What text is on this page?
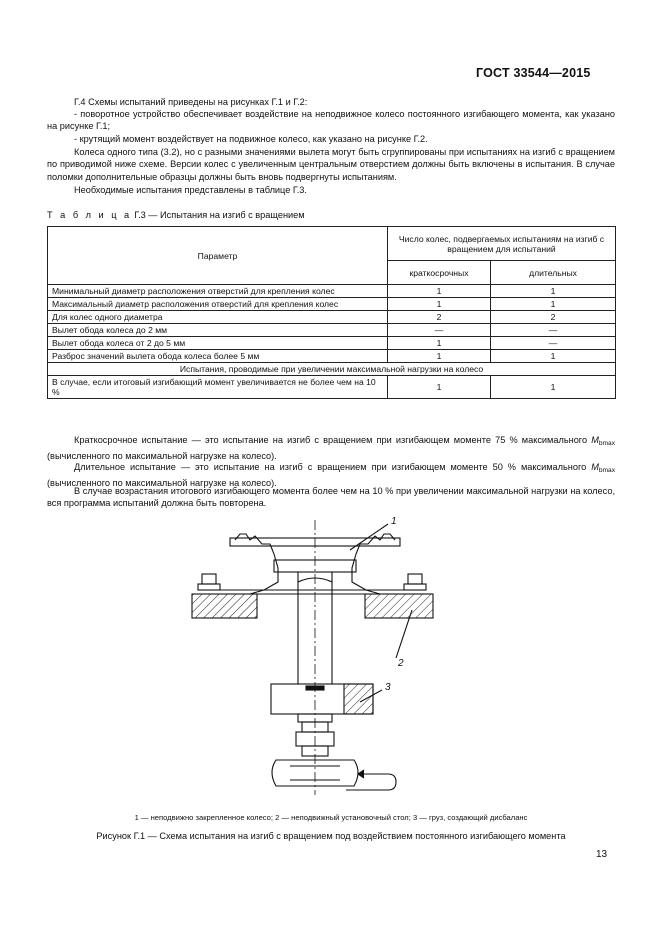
ГОСТ 33544—2015
Г.4 Схемы испытаний приведены на рисунках Г.1 и Г.2:
- поворотное устройство обеспечивает воздействие на неподвижное колесо постоянного изгибающего момента, как указано на рисунке Г.1;
- крутящий момент воздействует на подвижное колесо, как указано на рисунке Г.2.
Колеса одного типа (3.2), но с разными значениями вылета могут быть сгруппированы при испытаниях на изгиб с вращением по приводимой ниже схеме. Версии колес с увеличенным центральным отверстием должны быть включены в испытания. В случае поломки дополнительные образцы должны быть вновь подвергнуты испытаниям.
Необходимые испытания представлены в таблице Г.3.
Т а б л и ц а Г.3 — Испытания на изгиб с вращением
Параметр	Число колес, подвергаемых испытаниям на изгиб с вращением для испытаний	
	краткосрочных	длительных
Минимальный диаметр расположения отверстий для крепления колес	1	1
Максимальный диаметр расположения отверстий для крепления колес	1	1
Для колес одного диаметра	2	2
Вылет обода колеса до 2 мм	—	—
Вылет обода колеса от 2 до 5 мм	1	—
Разброс значений вылета обода колеса более 5 мм	1	1
Испытания, проводимые при увеличении максимальной нагрузки на колесо		
В случае, если итоговый изгибающий момент увеличивается не более чем на 10 %	1	1
Краткосрочное испытание — это испытание на изгиб с вращением при изгибающем моменте 75 % максимального $M_{bmax}$ (вычисленного по максимальной нагрузке на колесо).
Длительное испытание — это испытание на изгиб с вращением при изгибающем моменте 50 % максимального $M_{bmax}$ (вычисленного по максимальной нагрузке на колесо).
В случае возрастания итогового изгибающего момента более чем на 10 % при увеличении максимальной нагрузки на колесо, вся программа испытаний должна быть повторена.
1
2
3
1 — неподвижно закрепленное колесо; 2 — неподвижный установочный стол; 3 — груз, создающий дисбаланс
Рисунок Г.1 — Схема испытания на изгиб с вращением под воздействием постоянного изгибающего момента
13
